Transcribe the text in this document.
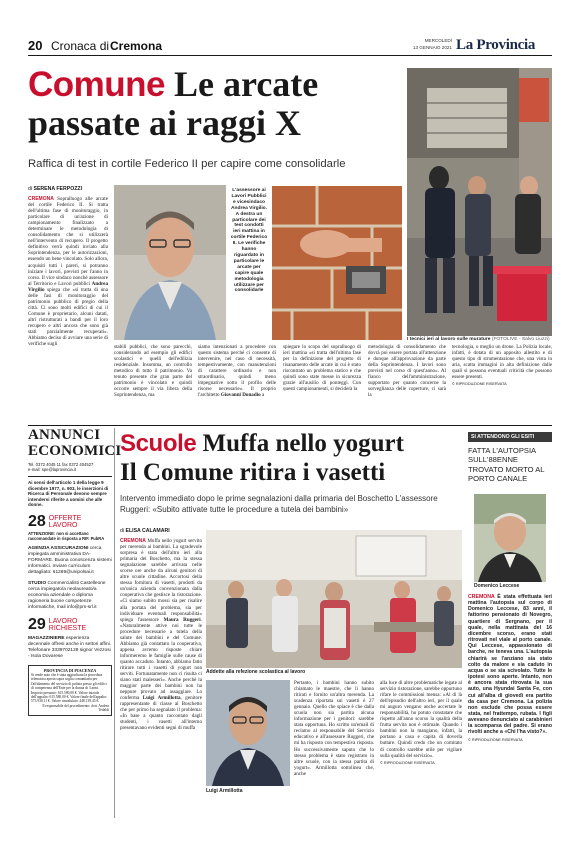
20 Cronaca di Cremona	MERCOLEDÌ
13 GENNAIO 2021 La Provincia
Comune Le arcate
passate ai raggi X
Raffica di test in cortile Federico II per capire come consolidarle
di SERENA FERPOZZI
CREMONA Sopralluogo alle arcate del cortile Federico II. Si tratta dell'ultima fase di monitoraggio, in particolare di un'azione di campionamento finalizzato a determinare le metodologia di consolidamento che si utilizzerà nell'intervento di recupero. Il progetto definitivo verrà quindi inviato alla Soprintendenza, per le autorizzazioni, essendo un bene vincolato. Solo allora, acquisiti tutti i pareri, si potranno iniziare i lavori, previsti per l'anno in corso. Il vice sindaco nonché assessore al Territorio e Lavori pubblici Andrea Virgilio spiega che «si tratta di una delle fasi di monitoraggio del patrimonio pubblico di pregio della città. Ci sono molti edifici di cui il Comune è proprietario, alcuni datati, altri ristrutturati a bandi per il loro recupero e altri ancora che sono già stati parzialmente recuperati». Abbiamo deciso di avviare una serie di verifiche sugli
L'assessore ai Lavori Pubblici e vicesindaco Andrea Virgilio. A destra un particolare dei test condotti ieri mattina in cortile Federico II. Le verifiche hanno riguardato in particolare le arcate per capire quale metodologia utilizzare per consolidarle
I tecnici ieri al lavoro sulle murature (FOTOLIVE - Salvo Liuzzi)
stabili pubblici, che sono parecchi, considerando ad esempio gli edifici scolastici e quelli dell'edilizia residenziale. Insomma, un controllo metodico di tutto il patrimonio. Va tenuto presente che gran parte del patrimonio è vincolato e quindi occorre sempre il via libera della Soprintendenza, ma
siamo intenzionati a procedere con questo sistema perché ci consente di intervenire, nel caso di necessità, tempestivamente, con manutenzioni di carattere ordinario e non straordinario, quindi meno impegnative sotto il profilo delle risorse necessarie». Il proprio l'architetto Giovanni Donadio a
spiegare lo scopo del sopralluogo di ieri mattina «si tratta dell'ultima fase per la definizione del progetto di risanamento delle arcate in cui è stato riscontrato un problema statico e che quindi sono state messe in sicurezza grazie all'ausilio di ponteggi. Con questi campionamenti, si deciderà la
metodologia di consolidamento che dovrà poi essere portata all'attenzione e dunque all'approvazione da parte della Soprintendenza. I lavori sono previsti nel corso di quest'anno». Al fianco dell'amministrazione, supportato per quanto concerne la sorveglianza delle coperture, ci sarà la
tecnologia, o meglio un drone. La Polizia locale, infatti, è dotata di un apposito allestito e di questo tipo di strumentazione che, una vista in aria, scatta immagini in alta definizione dalle quali si possono eventuali criticità che possono essere presenti.
© RIPRODUZIONE RISERVATA
ANNUNCI
ECONOMICI
Tel. 0372 4045 11 fax 0372 404527
e-mail: spe@laprovincia.it
Ai sensi dell'articolo 1 della legge 9 dicembre 1977, n. 903, le inserzioni di Ricerca di Personale devono sempre intendersi riferite a uomini che alle donne.
28 OFFERTE
LAVORO
ATTENZIONE: non si accettano raccomandate in risposta a RIF. PubRA
AGENZIA ASSICURAZIONI cerca impiegata amministrativa DA-FORMARE. Buona conoscenza sistemi informatici. Inviare curriculum dettagliato: 61269@unipolsai.it
STUDIO Commercialisti Castelleone cerca impiegato/a neolaureato/a economia aziendale o diploma ragioneria buone competenze informatiche, mail info@pm-srl.it
29 LAVORO
RICHIESTE
MAGAZZINIERE esperienza decennale offresi anche in settori affini. Telefonare 3339702128 signor Vezzosi - Isola Dovarese
PROVINCIA DI PIACENZA
Si rende noto che è stata aggiudicata la procedura telematica aperta sopra soglia comunitaria per l'affidamento del servizio di pulizia presso gli edifici di competenza dell'Ente per la durata di 3 anni. Importo presunto: 615.580,00 €. Valore iniziale dell'appalto: 615.580,00 €. Valore finale dell'appalto: 573.930,11 €. Valore rimodulato: 448.139,45 €.
Il responsabile del procedimento: dott. Andrea Tedaldi
Scuole Muffa nello yogurt
Il Comune ritira i vasetti
Intervento immediato dopo le prime segnalazioni dalla primaria del Boschetto L'assessore Ruggeri: «Subito attivate tutte le procedure a tutela dei bambini»
di ELISA CALAMARI
CREMONA Muffa nello yogurt servito per merenda ai bambini. La sgradevole sorpresa è stata dell'altro ieri alla primaria del Boschetto, ma la stessa segnalazione sarebbe arrivata nelle scorse ore anche da alcuni genitori di altre scuole cittadine. Accortosi della stessa fornitura di vasetti, prodotti da un'unica azienda convenzionata dalla cooperativa che gestisce la ristorazione. «Ci siamo subito mossi sia per risalire alla portata del problema, sia per individuare eventuali responsabilità» spiega l'assessore Maura Ruggeri. «Naturalmente attive noi tutte le procedure necessarie a tutela della salute dei bambini e del Comune. Abbiamo già contattato la cooperativa, appena avremo risposte chiare informeremo le famiglie sulle cause di quanto accaduto. Intanto, abbiamo fatto ritirare tutti i vasetti di yogurt non serviti. Fortunatamente non ci risulta ci siano stati malesseri». Anche perché la maggior parte dei bambini non ha neppure provato ad assaggiare. Lo conferma Luigi Armillotta, genitore rappresentante di classe al Boschetto che per primo ha segnalato il problema: «In base a quanto raccontato dagli studenti, i vasetti all'interno presentavano evidenti segni di muffa
Addette alla refezione scolastica al lavoro
Luigi Armillotta
Pertanto, i bambini hanno subito chiamato le maestre, che li hanno ritirati e fornito un'altra merenda. La scadenza riportata sui vasetti è 27 gennaio. Quello che spiace è che dalla scuola non sia partita alcuna informazione per i genitori: sarebbe stata opportuna. Ho scritto un'email di reclamo al responsabile del Servizio educativo e all'assessore Ruggeri, che mi ha risposto con tempestiva risposta. Ho successivamente saputo che lo stesso problema è stato registrato in altre scuole, con la stessa partita di yogurt». Armillotta sottolinea che, anche
alla luce di altre problematiche legate al servizio ristorazione, sarebbe opportuno rifare le commissioni mensa: «Al di là dell'episodio dell'altro ieri, per il quale mi auguro vengano anche accertate le responsabilità, ho potuto constatare che rispetto all'anno scorso la qualità della frutta servita non è ottimale. Quando i bambini non la mangiano, infatti, la portano a casa e capita di doverla buttare. Quindi credo che un comitato di controllo sarebbe utile per vigilare sulla qualità del servizio».
© RIPRODUZIONE RISERVATA
SI ATTENDONO GLI ESITI
FATTA L'AUTOPSIA SULL'88ENNE TROVATO MORTO AL PORTO CANALE
Domenico Leccese
CREMONA È stata effettuata ieri mattina l'autopsia sul corpo di Domenico Leccese, 83 anni, il fattorino pensionato di Novegro, quartiere di Sergnano, per il quale, nella mattinata del 16 dicembre scorso, erano stati ritrovati nel viale al porto canale. Qui Leccese, appassionato di barche, ne teneva una. L'autopsia chiarirà se l'anziano sia stato colto da malore e sia caduto in acqua o se sia scivolato. Tutte le ipotesi sono aperte. Intanto, non è ancora stata ritrovata la sua auto, una Hyundai Santa Fe, con cui all'alba di giovedì era partito da casa per Cremona. La polizia non esclude che possa essere stata, nel frattempo, rubata. I figli avevano denunciato ai carabinieri la scomparsa del padre. Si erano rivolti anche a «Chi l'ha visto?».
© RIPRODUZIONE RISERVATA
